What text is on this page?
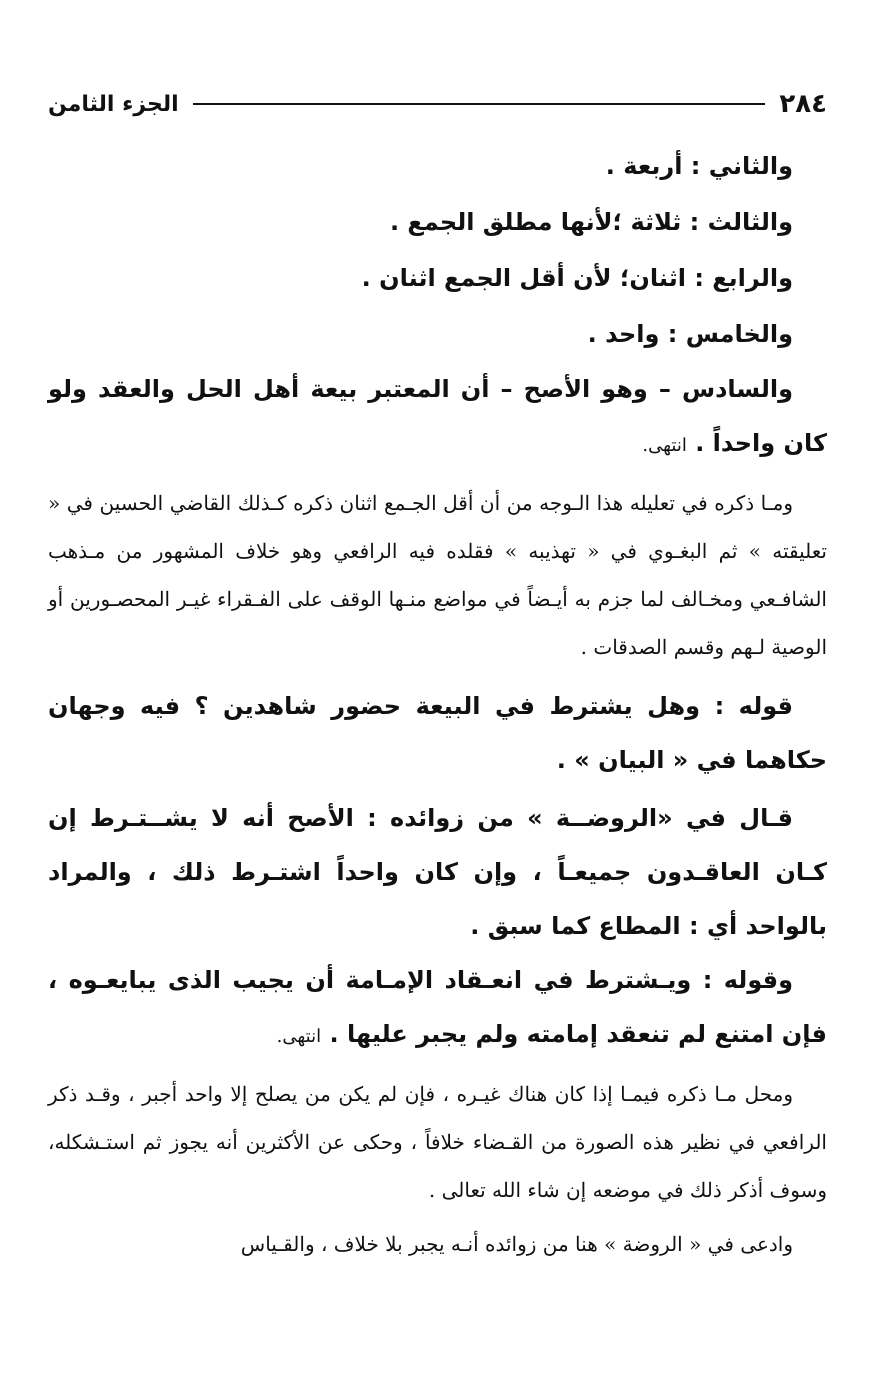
٢٨٤
الجزء الثامن

والثاني : أربعة .

والثالث : ثلاثة ؛لأنها مطلق الجمع .

والرابع : اثنان؛ لأن أقل الجمع اثنان .

والخامس : واحد .

والسادس – وهو الأصح – أن المعتبر بيعة أهل الحل والعقد ولو كان واحداً . انتهى.

ومـا ذكره في تعليله هذا الـوجه من أن أقل الجـمع اثنان ذكره كـذلك القاضي الحسين في « تعليقته » ثم البغـوي في « تهذيبه » فقلده فيه الرافعي وهو خلاف المشهور من مـذهب الشافـعي ومخـالف لما جزم به أيـضاً في مواضع منـها الوقف على الفـقراء غيـر المحصـورين أو الوصية لـهم وقسم الصدقات .

قوله : وهل يشترط في البيعة حضور شاهدين ؟ فيه وجهان حكاهما في « البيان » .

قـال في «الروضــة » من زوائده : الأصح أنه لا يشــتـرط إن كـان العاقـدون جميعـاً ، وإن كان واحداً اشتـرط ذلك ، والمراد بالواحد أي : المطاع كما سبق .

وقوله : ويـشترط في انعـقاد الإمـامة أن يجيب الذى يبايعـوه ، فإن امتنع لم تنعقد إمامته ولم يجبر عليها . انتهى.

ومحل مـا ذكره فيمـا إذا كان هناك غيـره ، فإن لم يكن من يصلح إلا واحد أجبر ، وقـد ذكر الرافعي في نظير هذه الصورة من القـضاء خلافاً ، وحكى عن الأكثرين أنه يجوز ثم استـشكله، وسوف أذكر ذلك في موضعه إن شاء الله تعالى .

وادعى في « الروضة » هنا من زوائده أنـه يجبر بلا خلاف ، والقـياس
